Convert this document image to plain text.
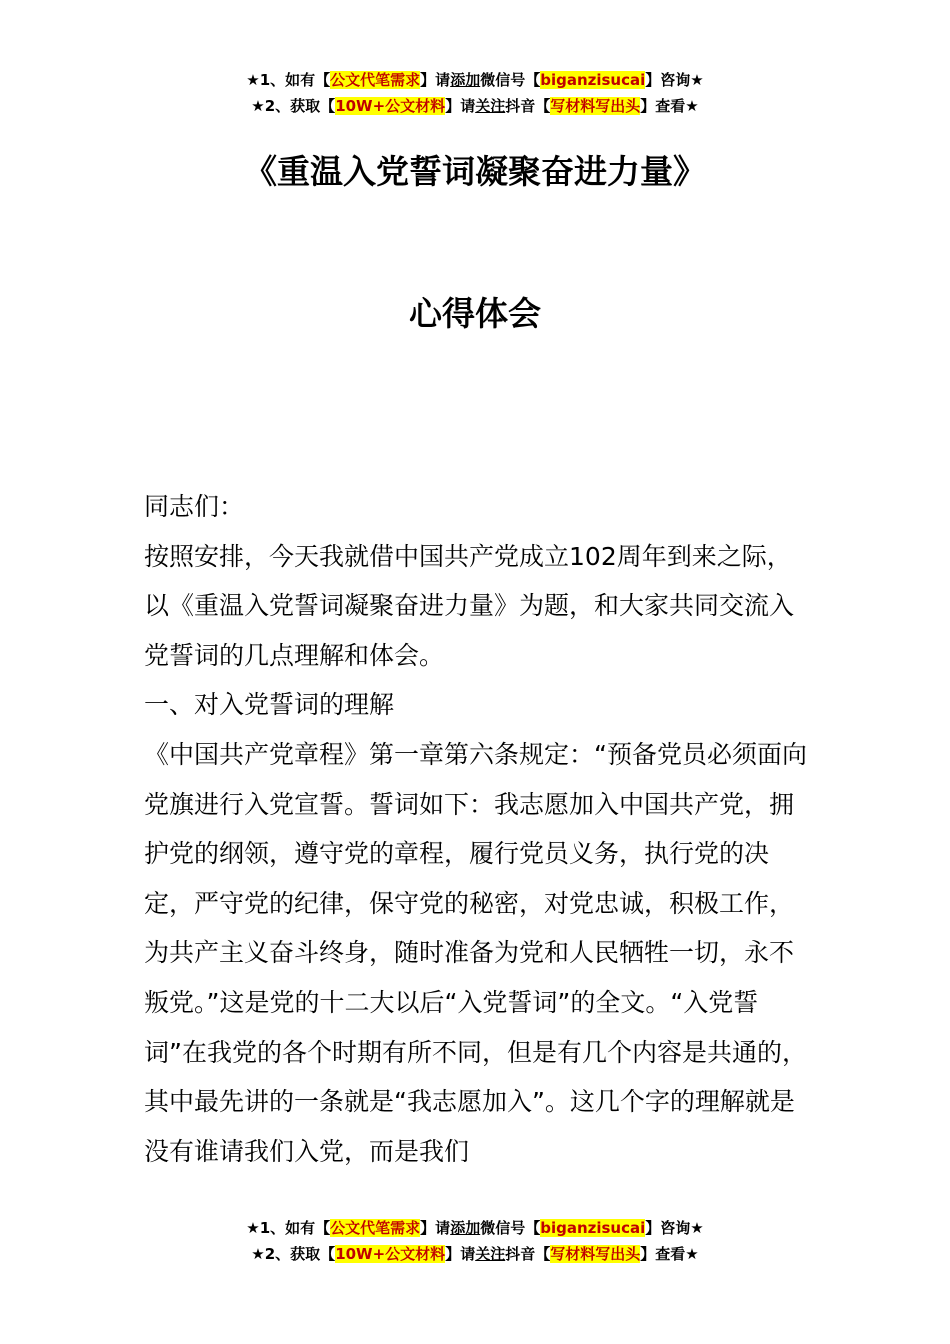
★1、如有【公文代笔需求】请添加微信号【biganzisucai】咨询★
★2、获取【10W+公文材料】请关注抖音【写材料写出头】查看★
《重温入党誓词凝聚奋进力量》
心得体会

同志们：

按照安排，今天我就借中国共产党成立102周年到来之际，以《重温入党誓词凝聚奋进力量》为题，和大家共同交流入党誓词的几点理解和体会。

一、对入党誓词的理解

《中国共产党章程》第一章第六条规定：“预备党员必须面向党旗进行入党宣誓。誓词如下：我志愿加入中国共产党，拥护党的纲领，遵守党的章程，履行党员义务，执行党的决定，严守党的纪律，保守党的秘密，对党忠诚，积极工作，为共产主义奋斗终身，随时准备为党和人民牺牲一切，永不叛党。”这是党的十二大以后“入党誓词”的全文。“入党誓词”在我党的各个时期有所不同，但是有几个内容是共通的，其中最先讲的一条就是“我志愿加入”。这几个字的理解就是没有谁请我们入党，而是我们

★1、如有【公文代笔需求】请添加微信号【biganzisucai】咨询★
★2、获取【10W+公文材料】请关注抖音【写材料写出头】查看★
